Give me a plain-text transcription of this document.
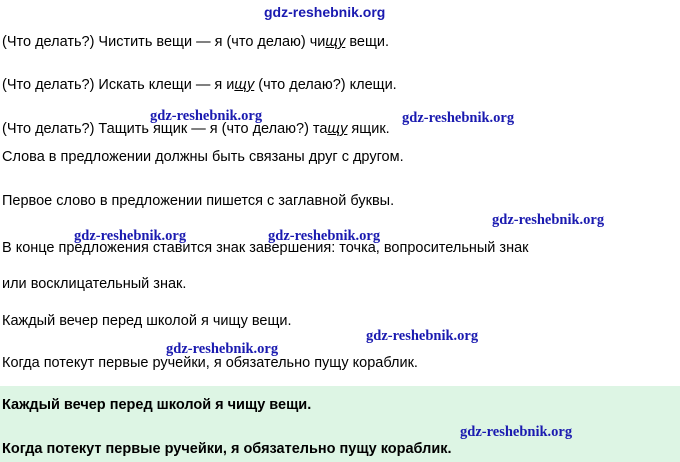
gdz-reshebnik.org
gdz-reshebnik.org	gdz-reshebnik.org
gdz-reshebnik.org	gdz-reshebnik.org
gdz-reshebnik.org
gdz-reshebnik.org
gdz-reshebnik.org
gdz-reshebnik.org
(Что делать?) Чистить вещи — я (что делаю) чищу вещи.
(Что делать?) Искать клещи — я ищу (что делаю?) клещи.
(Что делать?) Тащить ящик — я (что делаю?) тащу ящик.
Слова в предложении должны быть связаны друг с другом.
Первое слово в предложении пишется с заглавной буквы.
В конце предложения ставится знак завершения: точка, вопросительный знак
или восклицательный знак.
Каждый вечер перед школой я чищу вещи.
Когда потекут первые ручейки, я обязательно пущу кораблик.
Каждый вечер перед школой я чищу вещи.
Когда потекут первые ручейки, я обязательно пущу кораблик.
